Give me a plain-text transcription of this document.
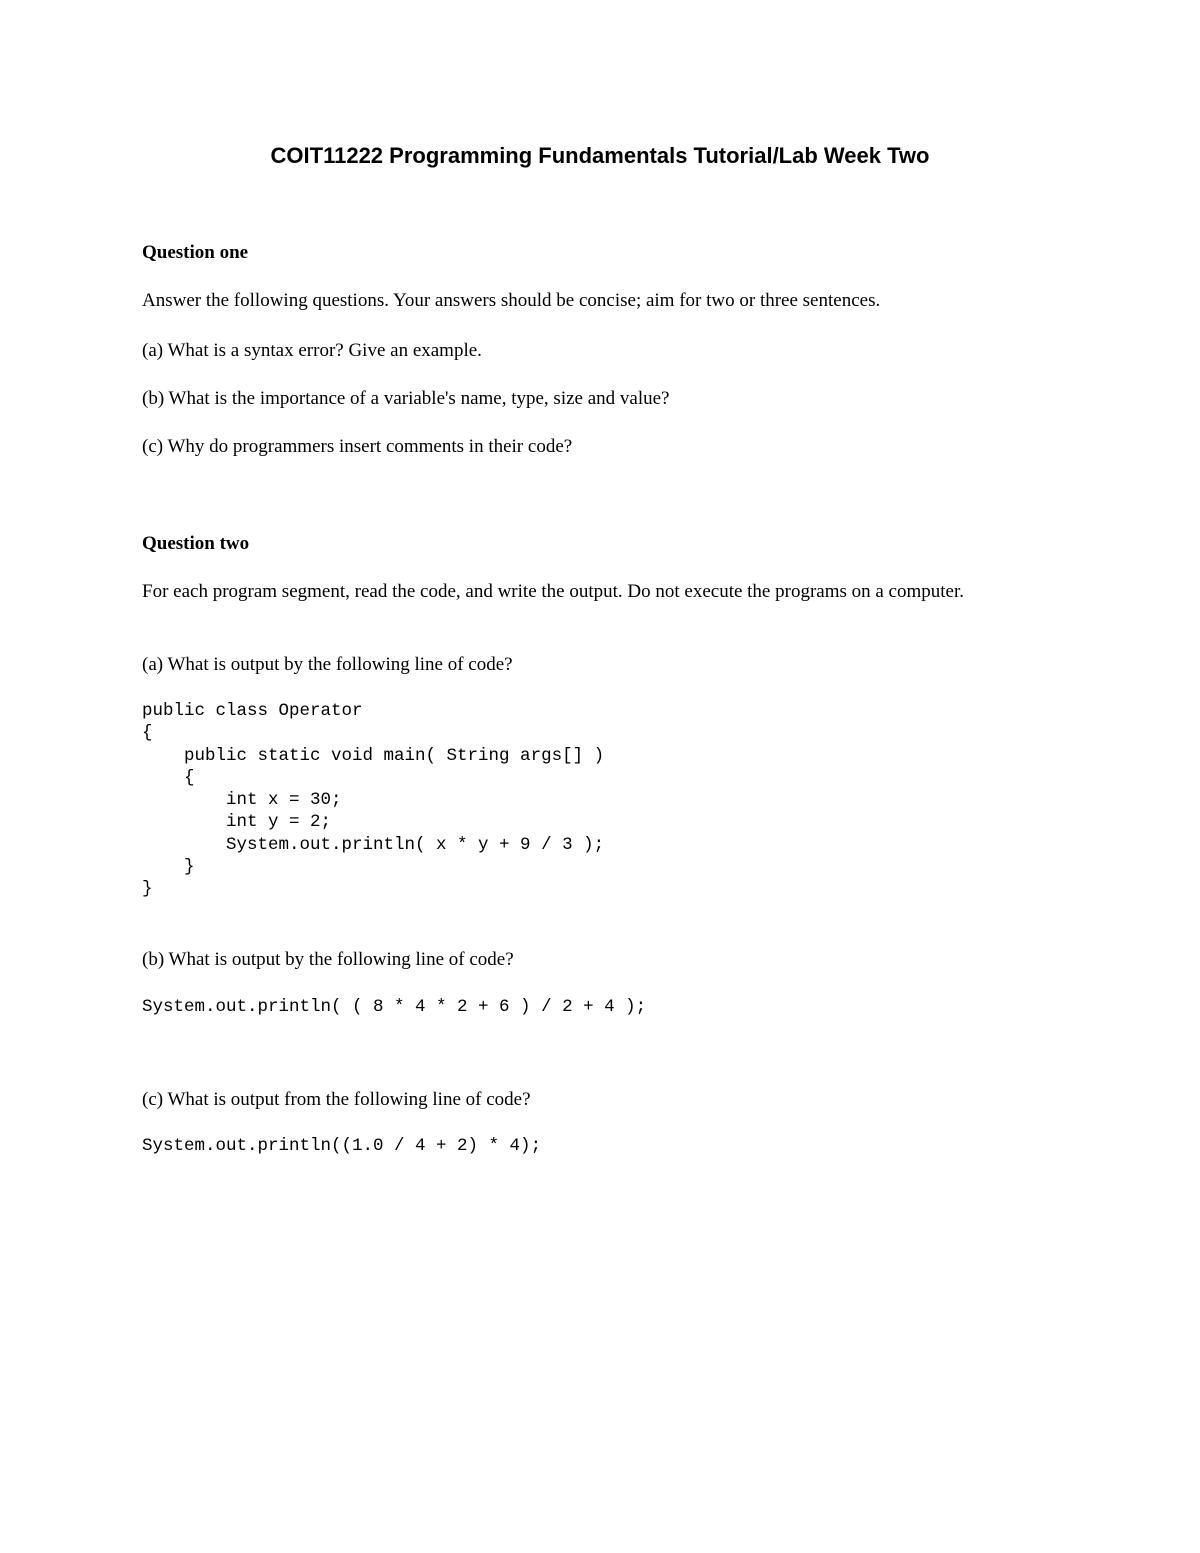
COIT11222 Programming Fundamentals Tutorial/Lab Week Two
Question one

Answer the following questions. Your answers should be concise; aim for two or three sentences.

(a) What is a syntax error? Give an example.

(b) What is the importance of a variable's name, type, size and value?

(c) Why do programmers insert comments in their code?

Question two

For each program segment, read the code, and write the output. Do not execute the programs on a computer.

(a) What is output by the following line of code?

public class Operator
{
public static void main( String args[] )
{
int x = 30;
int y = 2;
System.out.println( x * y + 9 / 3 );
}
}

(b) What is output by the following line of code?

System.out.println( ( 8 * 4 * 2 + 6 ) / 2 + 4 );

(c) What is output from the following line of code?

System.out.println((1.0 / 4 + 2) * 4);
